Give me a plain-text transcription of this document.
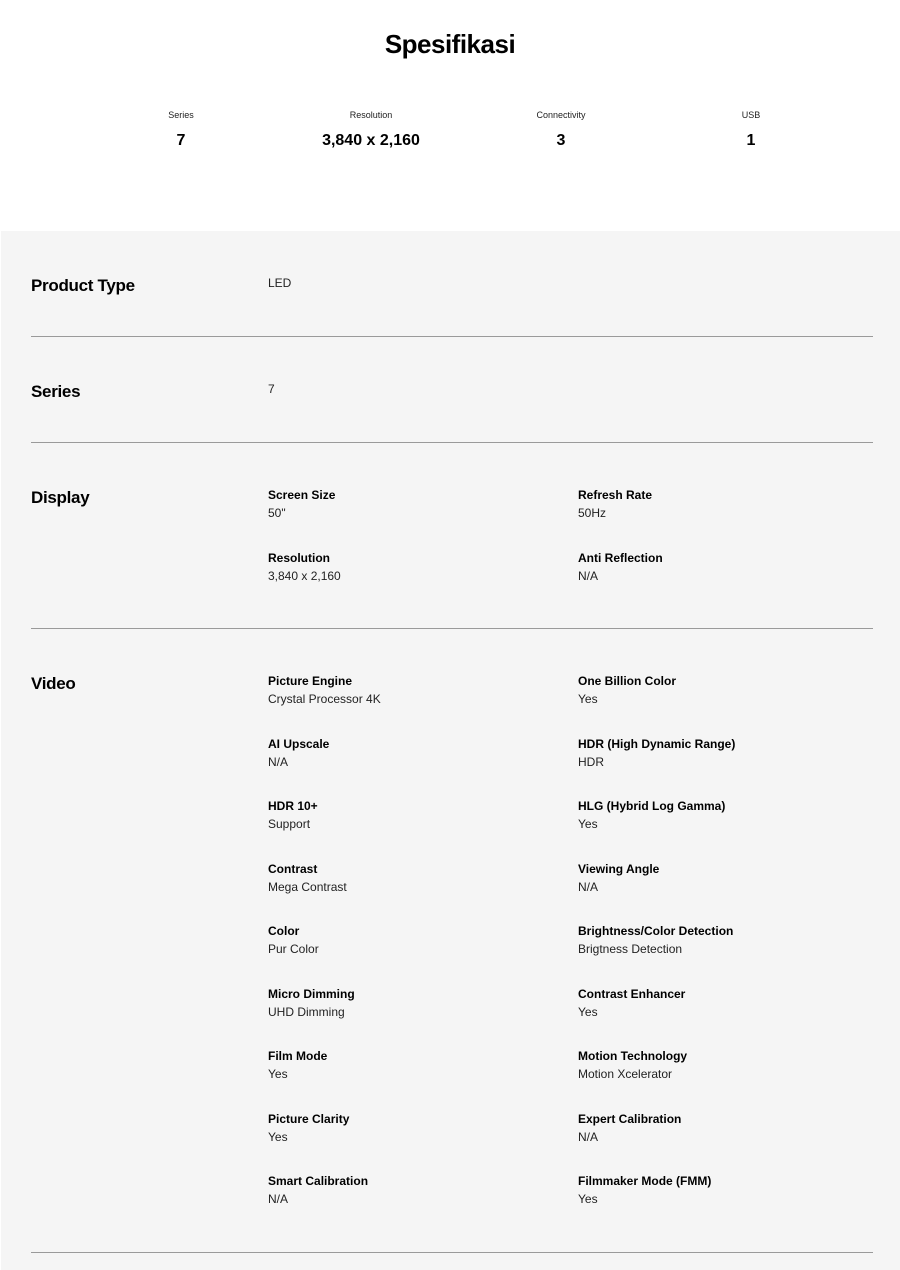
Spesifikasi
Series
7
Resolution
3,840 x 2,160
Connectivity
3
USB
1
Product Type	LED
Series	7
Display	Screen Size
50"
Refresh Rate
50Hz
Resolution
3,840 x 2,160
Anti Reflection
N/A
Video	Picture Engine
Crystal Processor 4K
One Billion Color
Yes
AI Upscale
N/A
HDR (High Dynamic Range)
HDR
HDR 10+
Support
HLG (Hybrid Log Gamma)
Yes
Contrast
Mega Contrast
Viewing Angle
N/A
Color
Pur Color
Brightness/Color Detection
Brigtness Detection
Micro Dimming
UHD Dimming
Contrast Enhancer
Yes
Film Mode
Yes
Motion Technology
Motion Xcelerator
Picture Clarity
Yes
Expert Calibration
N/A
Smart Calibration
N/A
Filmmaker Mode (FMM)
Yes
